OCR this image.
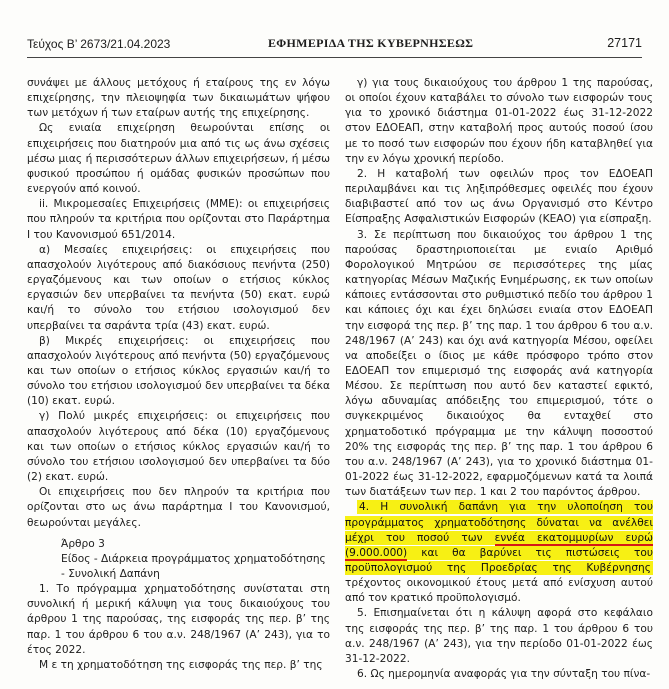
Τεύχος Β’ 2673/21.04.2023	ΕΦΗΜΕΡΙΔΑ ΤΗΣ ΚΥΒΕΡΝΗΣΕΩΣ	27171

συνάψει με άλλους μετόχους ή εταίρους της εν λόγω επιχείρησης, την πλειοψηφία των δικαιωμάτων ψήφου των μετόχων ή των εταίρων αυτής της επιχείρησης.

Ως ενιαία επιχείρηση θεωρούνται επίσης οι επιχειρήσεις που διατηρούν μια από τις ως άνω σχέσεις μέσω μιας ή περισσότερων άλλων επιχειρήσεων, ή μέσω φυσικού προσώπου ή ομάδας φυσικών προσώπων που ενεργούν από κοινού.

ii. Μικρομεσαίες Επιχειρήσεις (ΜΜΕ): οι επιχειρήσεις που πληρούν τα κριτήρια που ορίζονται στο Παράρτημα Ι του Κανονισμού 651/2014.

α) Μεσαίες επιχειρήσεις: οι επιχειρήσεις που απασχολούν λιγότερους από διακόσιους πενήντα (250) εργαζόμενους και των οποίων ο ετήσιος κύκλος εργασιών δεν υπερβαίνει τα πενήντα (50) εκατ. ευρώ και/ή το σύνολο του ετήσιου ισολογισμού δεν υπερβαίνει τα σαράντα τρία (43) εκατ. ευρώ.

β) Μικρές επιχειρήσεις: οι επιχειρήσεις που απασχολούν λιγότερους από πενήντα (50) εργαζόμενους και των οποίων ο ετήσιος κύκλος εργασιών και/ή το σύνολο του ετήσιου ισολογισμού δεν υπερβαίνει τα δέκα (10) εκατ. ευρώ.

γ) Πολύ μικρές επιχειρήσεις: οι επιχειρήσεις που απασχολούν λιγότερους από δέκα (10) εργαζόμενους και των οποίων ο ετήσιος κύκλος εργασιών και/ή το σύνολο του ετήσιου ισολογισμού δεν υπερβαίνει τα δύο (2) εκατ. ευρώ.

Οι επιχειρήσεις που δεν πληρούν τα κριτήρια που ορίζονται στο ως άνω παράρτημα Ι του Κανονισμού, θεωρούνται μεγάλες.

Άρθρο 3

Είδος - Διάρκεια προγράμματος χρηματοδότησης - Συνολική Δαπάνη

1. Το πρόγραμμα χρηματοδότησης συνίσταται στη συνολική ή μερική κάλυψη για τους δικαιούχους του άρθρου 1 της παρούσας, της εισφοράς της περ. β’ της παρ. 1 του άρθρου 6 του α.ν. 248/1967 (Α’ 243), για το έτος 2022.

Μ ε τη χρηματοδότηση της εισφοράς της περ. β’ της

γ) για τους δικαιούχους του άρθρου 1 της παρούσας, οι οποίοι έχουν καταβάλει το σύνολο των εισφορών τους για το χρονικό διάστημα 01-01-2022 έως 31-12-2022 στον ΕΔΟΕΑΠ, στην καταβολή προς αυτούς ποσού ίσου με το ποσό των εισφορών που έχουν ήδη καταβληθεί για την εν λόγω χρονική περίοδο.

2. Η καταβολή των οφειλών προς τον ΕΔΟΕΑΠ περιλαμβάνει και τις ληξιπρόθεσμες οφειλές που έχουν διαβιβαστεί από τον ως άνω Οργανισμό στο Κέντρο Είσπραξης Ασφαλιστικών Εισφορών (ΚΕΑΟ) για είσπραξη.

3. Σε περίπτωση που δικαιούχος του άρθρου 1 της παρούσας δραστηριοποιείται με ενιαίο Αριθμό Φορολογικού Μητρώου σε περισσότερες της μίας κατηγορίας Μέσων Μαζικής Ενημέρωσης, εκ των οποίων κάποιες εντάσσονται στο ρυθμιστικό πεδίο του άρθρου 1 και κάποιες όχι και έχει δηλώσει ενιαία στον ΕΔΟΕΑΠ την εισφορά της περ. β’ της παρ. 1 του άρθρου 6 του α.ν. 248/1967 (Α’ 243) και όχι ανά κατηγορία Μέσου, οφείλει να αποδείξει ο ίδιος με κάθε πρόσφορο τρόπο στον ΕΔΟΕΑΠ τον επιμερισμό της εισφοράς ανά κατηγορία Μέσου. Σε περίπτωση που αυτό δεν καταστεί εφικτό, λόγω αδυναμίας απόδειξης του επιμερισμού, τότε ο συγκεκριμένος δικαιούχος θα ενταχθεί στο χρηματοδοτικό πρόγραμμα με την κάλυψη ποσοστού 20% της εισφοράς της περ. β’ της παρ. 1 του άρθρου 6 του α.ν. 248/1967 (Α’ 243), για το χρονικό διάστημα 01-01-2022 έως 31-12-2022, εφαρμοζόμενων κατά τα λοιπά των διατάξεων των περ. 1 και 2 του παρόντος άρθρου.

4. Η συνολική δαπάνη για την υλοποίηση του προγράμματος χρηματοδότησης δύναται να ανέλθει μέχρι του ποσού των εννέα εκατομμυρίων ευρώ (9.000.000) και θα βαρύνει τις πιστώσεις του προϋπολογισμού της Προεδρίας της Κυβέρνησης τρέχοντος οικονομικού έτους μετά από ενίσχυση αυτού από τον κρατικό προϋπολογισμό.

5. Επισημαίνεται ότι η κάλυψη αφορά στο κεφάλαιο της εισφοράς της περ. β’ της παρ. 1 του άρθρου 6 του α.ν. 248/1967 (Α’ 243), για την περίοδο 01-01-2022 έως 31-12-2022.

6. Ως ημερομηνία αναφοράς για την σύνταξη του πίνα-
